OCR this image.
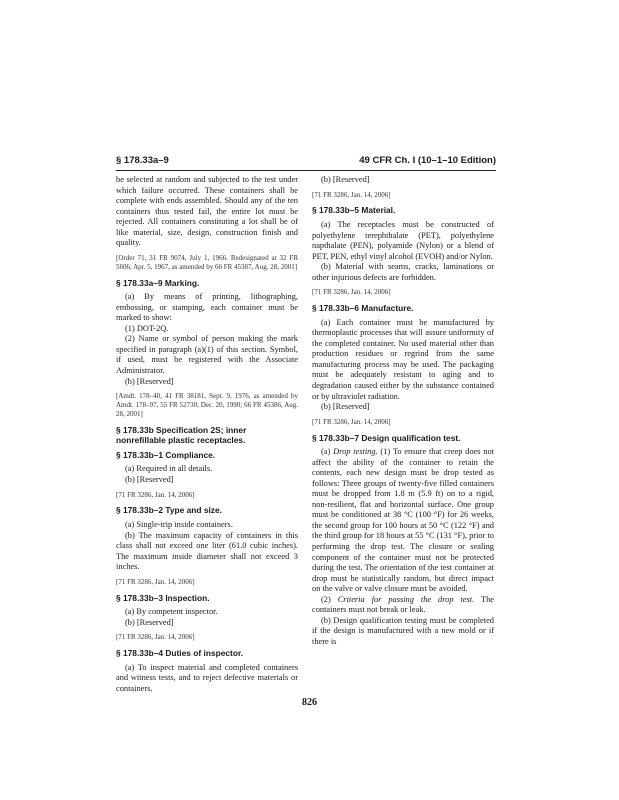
§ 178.33a–9	49 CFR Ch. I (10–1–10 Edition)

be selected at random and subjected to the test under which failure occurred. These containers shall be complete with ends assembled. Should any of the ten containers thus tested fail, the entire lot must be rejected. All containers constituting a lot shall be of like material, size, design, construction finish and quality.

[Order 71, 31 FR 9074, July 1, 1966. Redesignated at 32 FR 5606, Apr. 5, 1967, as amended by 66 FR 45387, Aug. 28, 2001]

§ 178.33a–9 Marking.

(a) By means of printing, lithographing, embossing, or stamping, each container must be marked to show:

(1) DOT-2Q.

(2) Name or symbol of person making the mark specified in paragraph (a)(1) of this section. Symbol, if used, must be registered with the Associate Administrator.

(b) [Reserved]

[Amdt. 178–40, 41 FR 38181, Sept. 9, 1976, as amended by Amdt. 178–97, 55 FR 52730, Dec. 20, 1990; 66 FR 45386, Aug. 28, 2001]

§ 178.33b Specification 2S; inner nonrefillable plastic receptacles.

§ 178.33b–1 Compliance.

(a) Required in all details.

(b) [Reserved]

[71 FR 3286, Jan. 14, 2006]

§ 178.33b–2 Type and size.

(a) Single-trip inside containers.

(b) The maximum capacity of containers in this class shall not exceed one liter (61.0 cubic inches). The maximum inside diameter shall not exceed 3 inches.

[71 FR 3286, Jan. 14, 2006]

§ 178.33b–3 Inspection.

(a) By competent inspector.

(b) [Reserved]

[71 FR 3286, Jan. 14, 2006]

§ 178.33b–4 Duties of inspector.

(a) To inspect material and completed containers and witness tests, and to reject defective materials or containers.

(b) [Reserved]

[71 FR 3286, Jan. 14, 2006]

§ 178.33b–5 Material.

(a) The receptacles must be constructed of polyethylene terephthalate (PET), polyethylene napthalate (PEN), polyamide (Nylon) or a blend of PET, PEN, ethyl vinyl alcohol (EVOH) and/or Nylon.

(b) Material with seams, cracks, laminations or other injurious defects are forbidden.

[71 FR 3286, Jan. 14, 2006]

§ 178.33b–6 Manufacture.

(a) Each container must be manufactured by thermoplastic processes that will assure uniformity of the completed container. No used material other than production residues or regrind from the same manufacturing process may be used. The packaging must be adequately resistant to aging and to degradation caused either by the substance contained or by ultraviolet radiation.

(b) [Reserved]

[71 FR 3286, Jan. 14, 2006]

§ 178.33b–7 Design qualification test.

(a) Drop testing. (1) To ensure that creep does not affect the ability of the container to retain the contents, each new design must be drop tested as follows: Three groups of twenty-five filled containers must be dropped from 1.8 m (5.9 ft) on to a rigid, non-resilient, flat and horizontal surface. One group must be conditioned at 38 °C (100 °F) for 26 weeks, the second group for 100 hours at 50 °C (122 °F) and the third group for 18 hours at 55 °C (131 °F), prior to performing the drop test. The closure or sealing component of the container must not be protected during the test. The orientation of the test container at drop must be statistically random, but direct impact on the valve or valve closure must be avoided.

(2) Criteria for passing the drop test. The containers must not break or leak.

(b) Design qualification testing must be completed if the design is manufactured with a new mold or if there is

826
